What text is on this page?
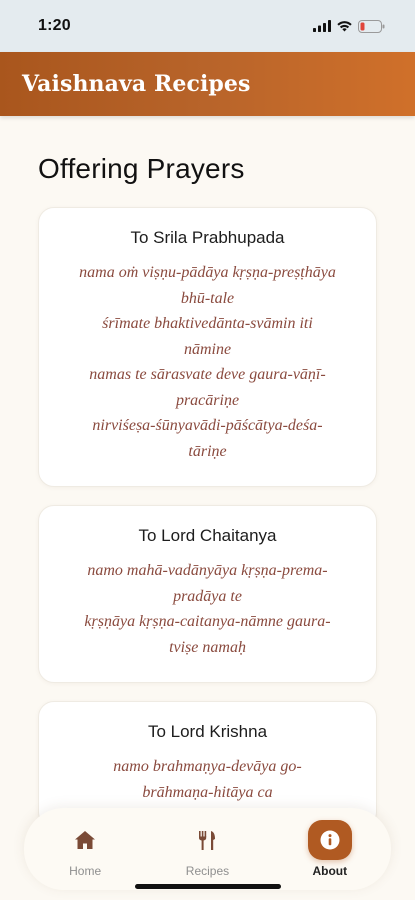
1:20
Vaishnava Recipes
Offering Prayers
To Srila Prabhupada
nama oṁ viṣṇu-pādāya kṛṣṇa-preṣṭhāya
bhū-tale
śrīmate bhaktivedānta-svāmin iti
nāmine
namas te sārasvate deve gaura-vāṇī-
pracāriṇe
nirviśeṣa-śūnyavādi-pāścātya-deśa-
tāriṇe
To Lord Chaitanya
namo mahā-vadānyāya kṛṣṇa-prema-
pradāya te
kṛṣṇāya kṛṣṇa-caitanya-nāmne gaura-
tviṣe namaḥ
To Lord Krishna
namo brahmaṇya-devāya go-
brāhmaṇa-hitāya ca
Home	Recipes	About
